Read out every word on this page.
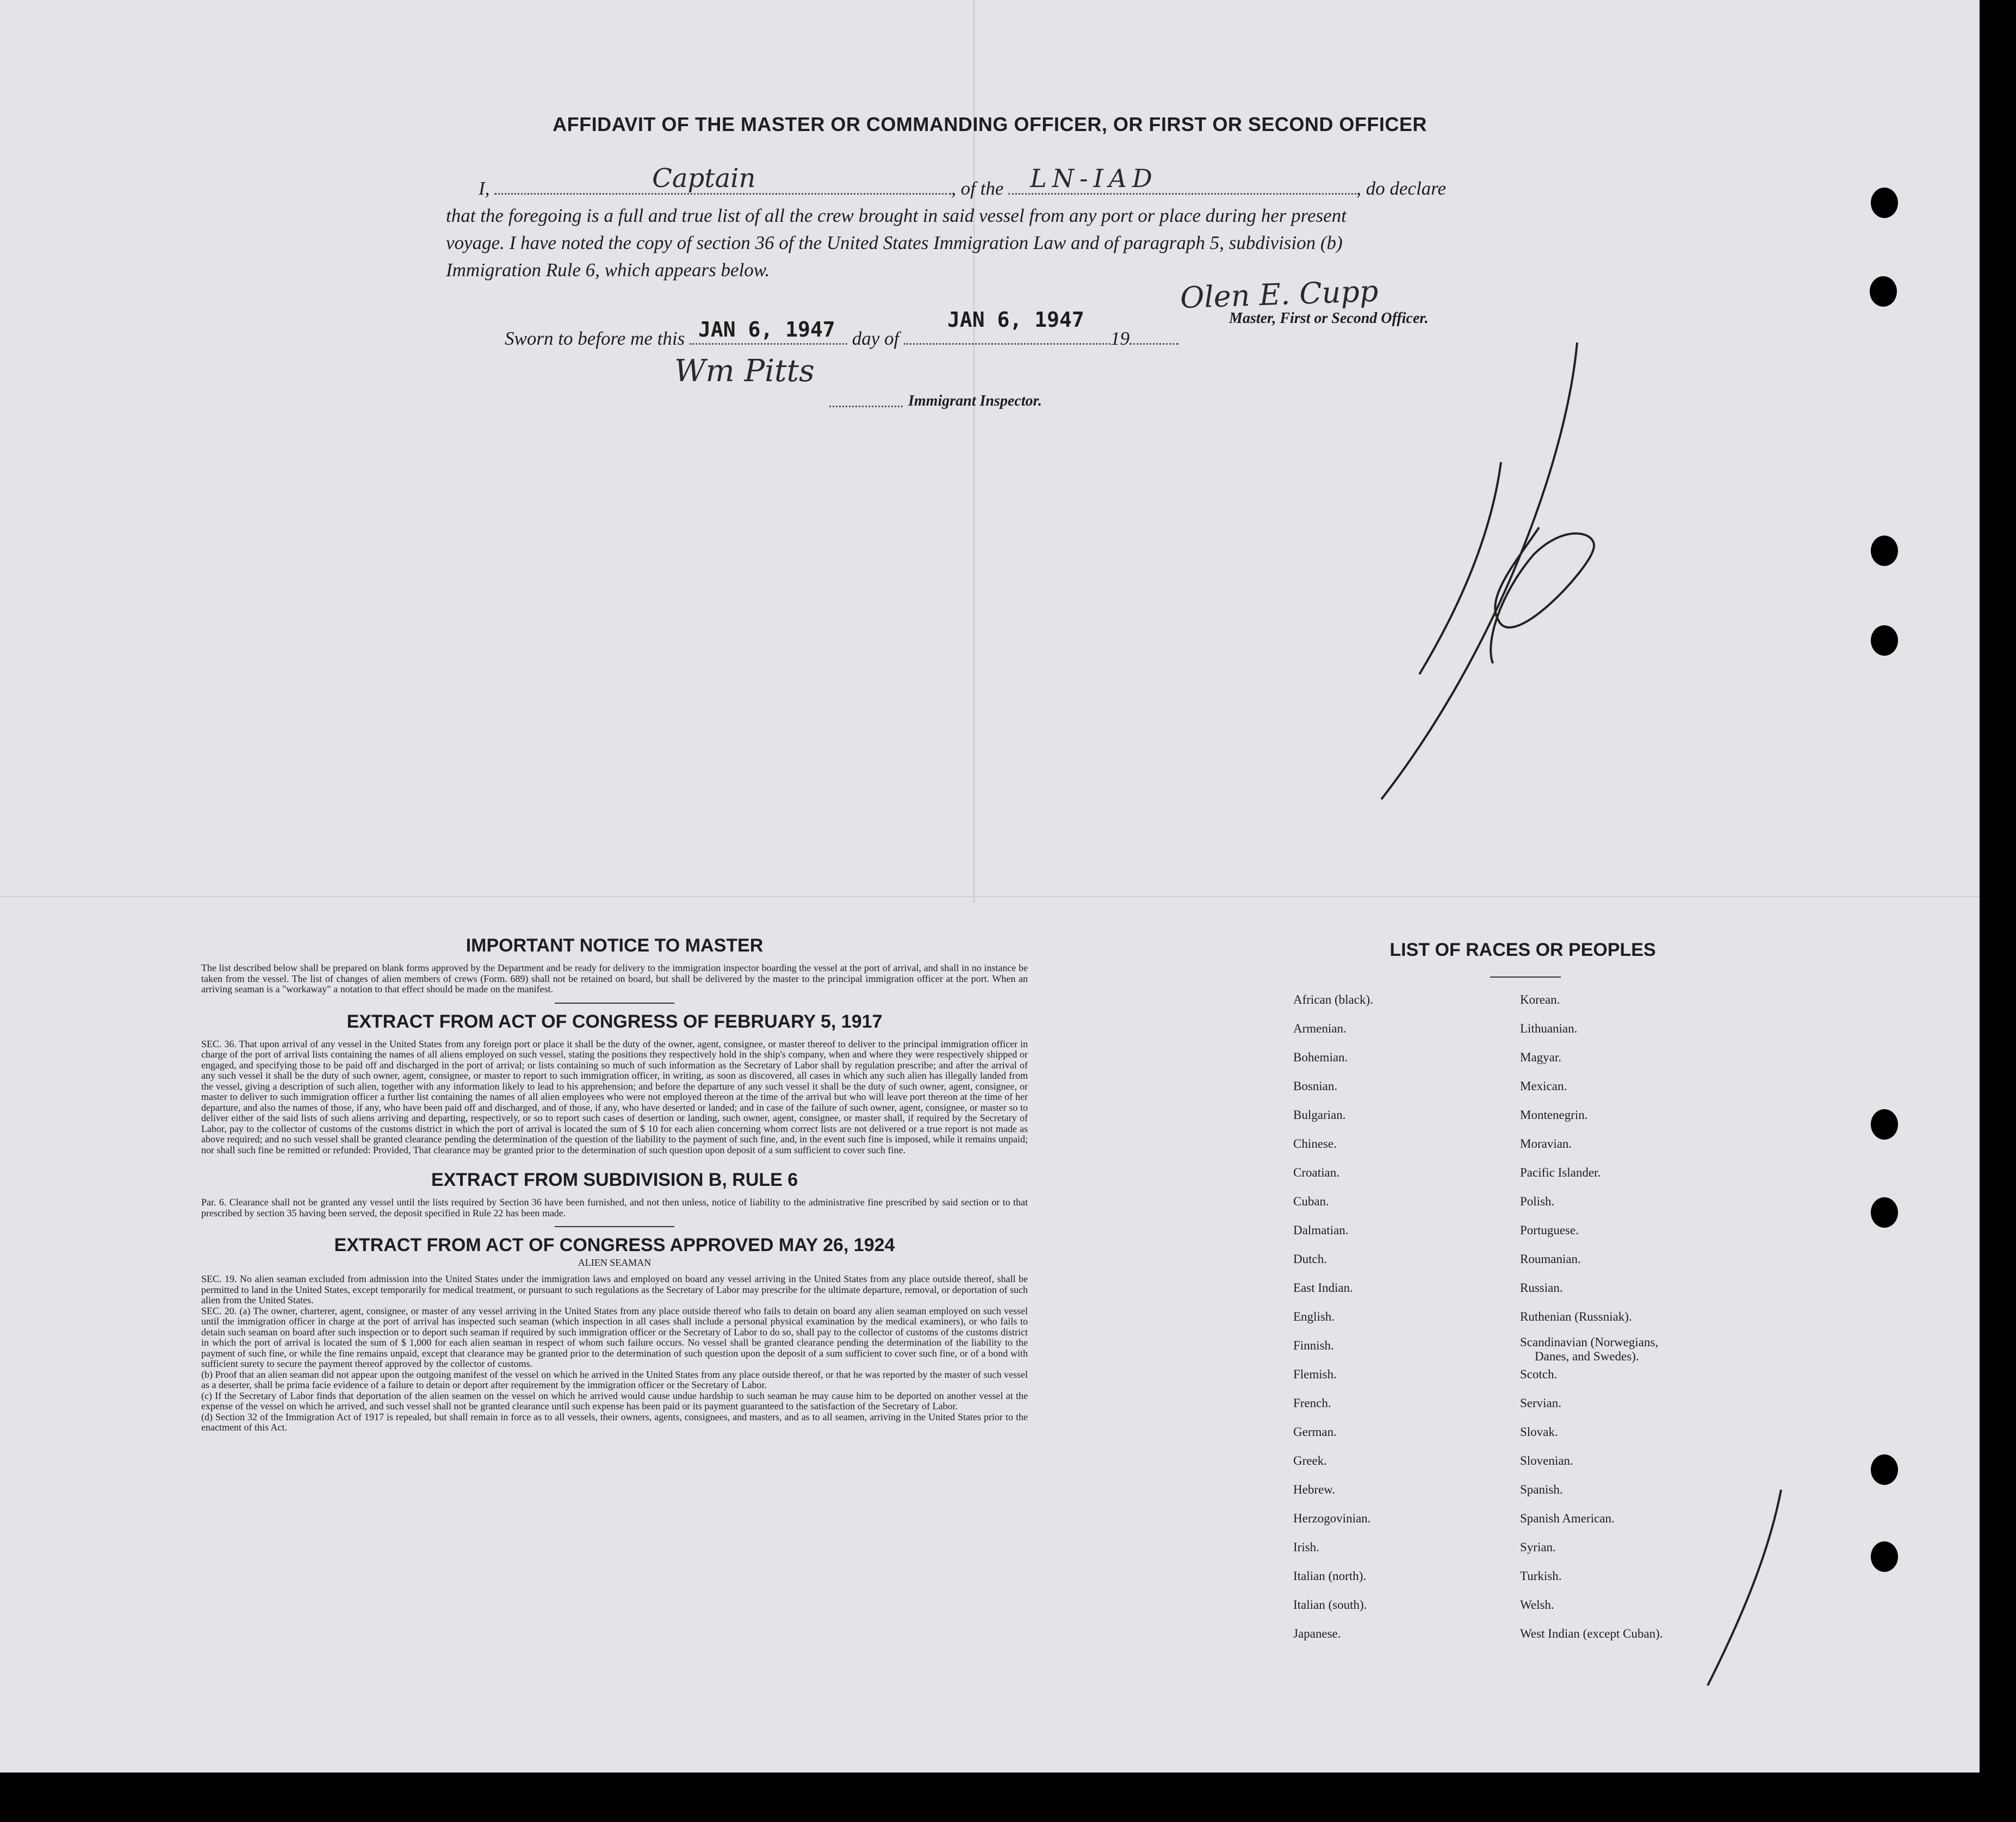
AFFIDAVIT OF THE MASTER OR COMMANDING OFFICER, OR FIRST OR SECOND OFFICER
I,	Captain	, of the LN-IAD	, do declare
that the foregoing is a full and true list of all the crew brought in said vessel from any port or place during her present
voyage. I have noted the copy of section 36 of the United States Immigration Law and of paragraph 5, subdivision (b)
Immigration Rule 6, which appears below.
Olen E. Cupp
Master, First or Second Officer.
Sworn to before me this JAN 6, 1947 day of
JAN 6, 1947
19
Wm Pitts
Immigrant Inspector.

IMPORTANT NOTICE TO MASTER

The list described below shall be prepared on blank forms approved by the Department and be ready for delivery to the immigration inspector boarding the vessel at the port of arrival, and shall in no instance be taken from the vessel. The list of changes of alien members of crews (Form. 689) shall not be retained on board, but shall be delivered by the master to the principal immigration officer at the port. When an arriving seaman is a "workaway" a notation to that effect should be made on the manifest.

EXTRACT FROM ACT OF CONGRESS OF FEBRUARY 5, 1917

SEC. 36. That upon arrival of any vessel in the United States from any foreign port or place it shall be the duty of the owner, agent, consignee, or master thereof to deliver to the principal immigration officer in charge of the port of arrival lists containing the names of all aliens employed on such vessel, stating the positions they respectively hold in the ship's company, when and where they were respectively shipped or engaged, and specifying those to be paid off and discharged in the port of arrival; or lists containing so much of such information as the Secretary of Labor shall by regulation prescribe; and after the arrival of any such vessel it shall be the duty of such owner, agent, consignee, or master to report to such immigration officer, in writing, as soon as discovered, all cases in which any such alien has illegally landed from the vessel, giving a description of such alien, together with any information likely to lead to his apprehension; and before the departure of any such vessel it shall be the duty of such owner, agent, consignee, or master to deliver to such immigration officer a further list containing the names of all alien employees who were not employed thereon at the time of the arrival but who will leave port thereon at the time of her departure, and also the names of those, if any, who have been paid off and discharged, and of those, if any, who have deserted or landed; and in case of the failure of such owner, agent, consignee, or master so to deliver either of the said lists of such aliens arriving and departing, respectively, or so to report such cases of desertion or landing, such owner, agent, consignee, or master shall, if required by the Secretary of Labor, pay to the collector of customs of the customs district in which the port of arrival is located the sum of $ 10 for each alien concerning whom correct lists are not delivered or a true report is not made as above required; and no such vessel shall be granted clearance pending the determination of the question of the liability to the payment of such fine, and, in the event such fine is imposed, while it remains unpaid; nor shall such fine be remitted or refunded: Provided, That clearance may be granted prior to the determination of such question upon deposit of a sum sufficient to cover such fine.

EXTRACT FROM SUBDIVISION B, RULE 6

Par. 6. Clearance shall not be granted any vessel until the lists required by Section 36 have been furnished, and not then unless, notice of liability to the administrative fine prescribed by said section or to that prescribed by section 35 having been served, the deposit specified in Rule 22 has been made.

EXTRACT FROM ACT OF CONGRESS APPROVED MAY 26, 1924

ALIEN SEAMAN

SEC. 19. No alien seaman excluded from admission into the United States under the immigration laws and employed on board any vessel arriving in the United States from any place outside thereof, shall be permitted to land in the United States, except temporarily for medical treatment, or pursuant to such regulations as the Secretary of Labor may prescribe for the ultimate departure, removal, or deportation of such alien from the United States.

SEC. 20. (a) The owner, charterer, agent, consignee, or master of any vessel arriving in the United States from any place outside thereof who fails to detain on board any alien seaman employed on such vessel until the immigration officer in charge at the port of arrival has inspected such seaman (which inspection in all cases shall include a personal physical examination by the medical examiners), or who fails to detain such seaman on board after such inspection or to deport such seaman if required by such immigration officer or the Secretary of Labor to do so, shall pay to the collector of customs of the customs district in which the port of arrival is located the sum of $ 1,000 for each alien seaman in respect of whom such failure occurs. No vessel shall be granted clearance pending the determination of the liability to the payment of such fine, or while the fine remains unpaid, except that clearance may be granted prior to the determination of such question upon the deposit of a sum sufficient to cover such fine, or of a bond with sufficient surety to secure the payment thereof approved by the collector of customs.

(b) Proof that an alien seaman did not appear upon the outgoing manifest of the vessel on which he arrived in the United States from any place outside thereof, or that he was reported by the master of such vessel as a deserter, shall be prima facie evidence of a failure to detain or deport after requirement by the immigration officer or the Secretary of Labor.

(c) If the Secretary of Labor finds that deportation of the alien seamen on the vessel on which he arrived would cause undue hardship to such seaman he may cause him to be deported on another vessel at the expense of the vessel on which he arrived, and such vessel shall not be granted clearance until such expense has been paid or its payment guaranteed to the satisfaction of the Secretary of Labor.

(d) Section 32 of the Immigration Act of 1917 is repealed, but shall remain in force as to all vessels, their owners, agents, consignees, and masters, and as to all seamen, arriving in the United States prior to the enactment of this Act.

LIST OF RACES OR PEOPLES
African (black).
Armenian.
Bohemian.
Bosnian.
Bulgarian.
Chinese.
Croatian.
Cuban.
Dalmatian.
Dutch.
East Indian.
English.
Finnish.
Flemish.
French.
German.
Greek.
Hebrew.
Herzogovinian.
Irish.
Italian (north).
Italian (south).
Japanese.
Korean.
Lithuanian.
Magyar.
Mexican.
Montenegrin.
Moravian.
Pacific Islander.
Polish.
Portuguese.
Roumanian.
Russian.
Ruthenian (Russniak).
Scandinavian (Norwegians,
Danes, and Swedes).
Scotch.
Servian.
Slovak.
Slovenian.
Spanish.
Spanish American.
Syrian.
Turkish.
Welsh.
West Indian (except Cuban).
